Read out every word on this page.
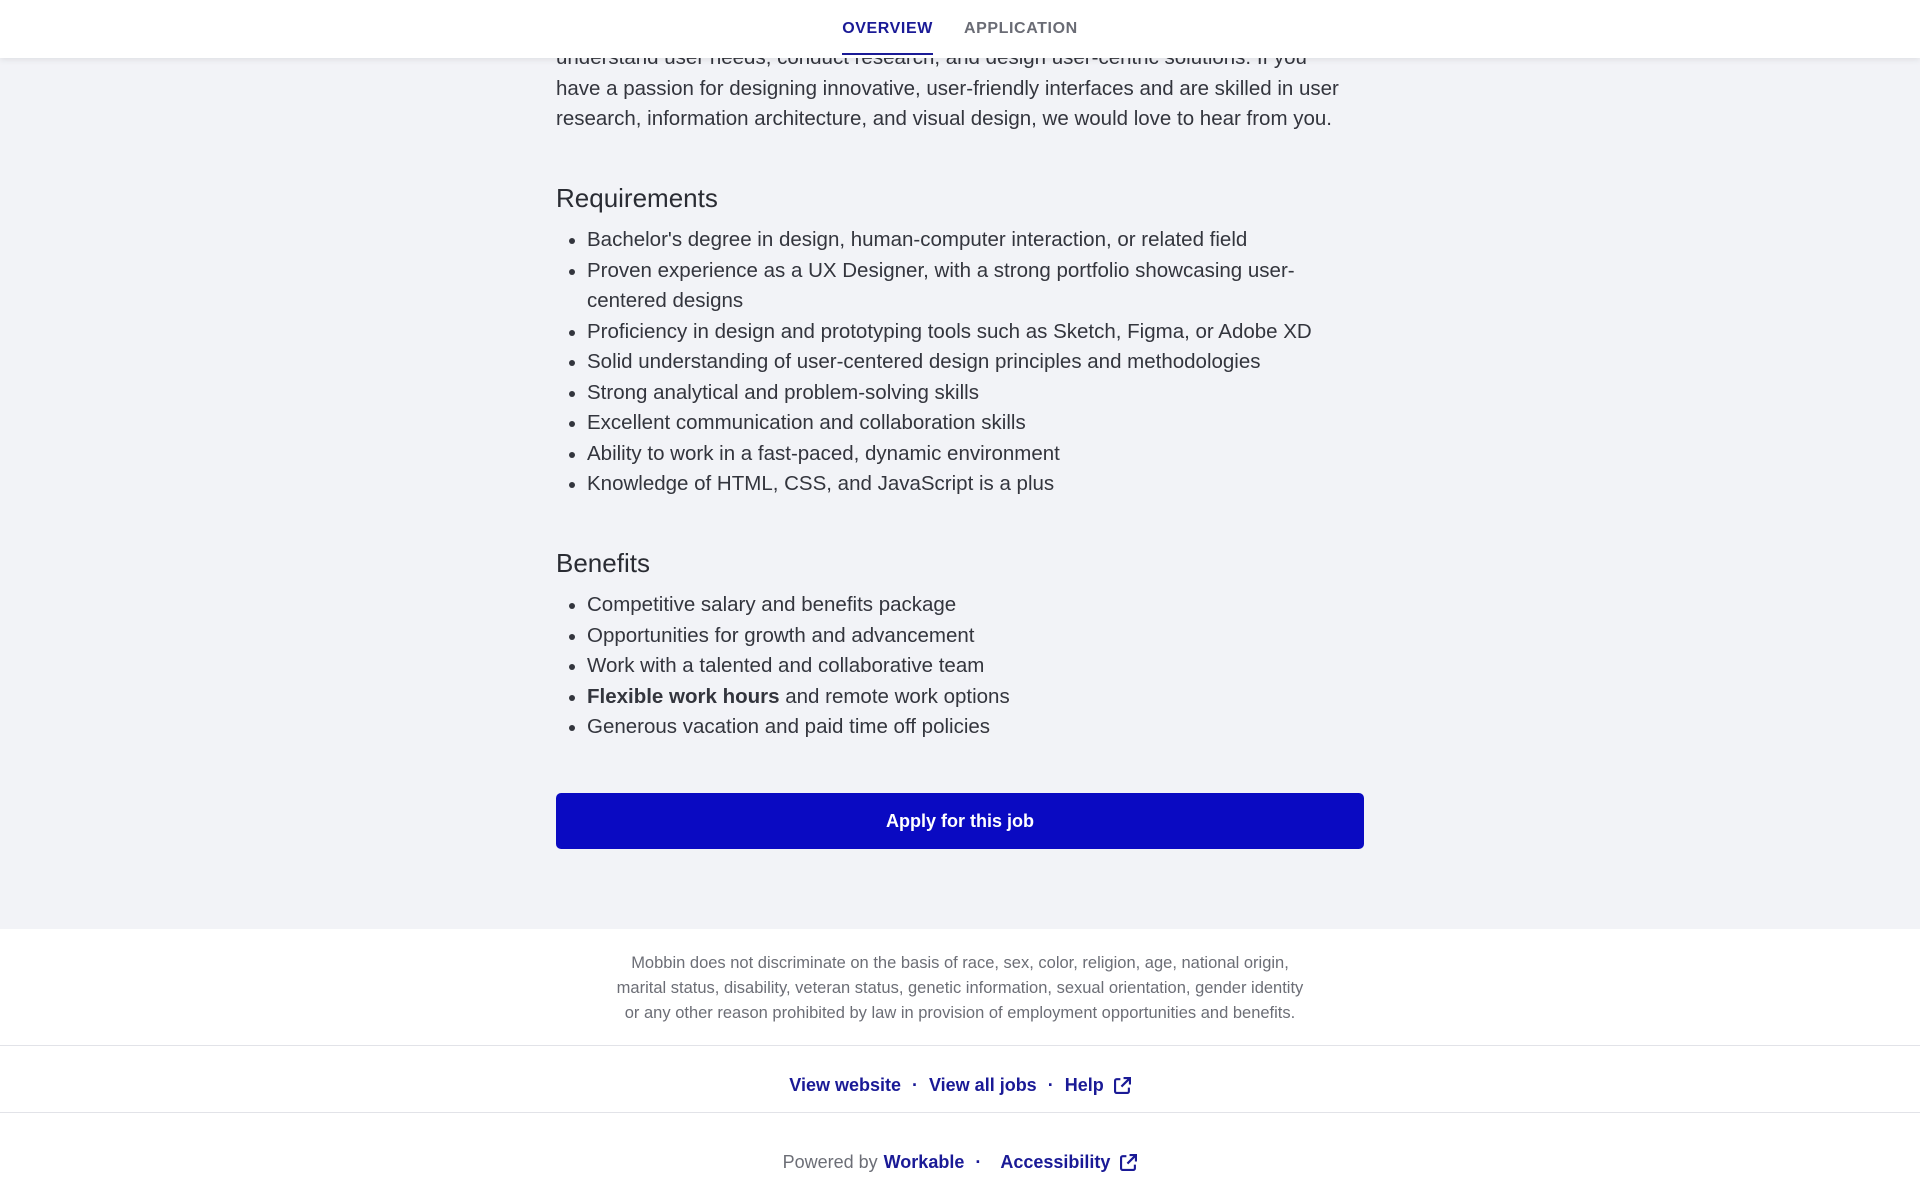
OVERVIEW APPLICATION
have a passion for designing innovative, user-friendly interfaces and are skilled in user
research, information architecture, and visual design, we would love to hear from you.
Requirements
Bachelor's degree in design, human-computer interaction, or related field
Proven experience as a UX Designer, with a strong portfolio showcasing user-centered designs
Proficiency in design and prototyping tools such as Sketch, Figma, or Adobe XD
Solid understanding of user-centered design principles and methodologies
Strong analytical and problem-solving skills
Excellent communication and collaboration skills
Ability to work in a fast-paced, dynamic environment
Knowledge of HTML, CSS, and JavaScript is a plus
Benefits
Competitive salary and benefits package
Opportunities for growth and advancement
Work with a talented and collaborative team
Flexible work hours and remote work options
Generous vacation and paid time off policies
Apply for this job
Mobbin does not discriminate on the basis of race, sex, color, religion, age, national origin,
marital status, disability, veteran status, genetic information, sexual orientation, gender identity
or any other reason prohibited by law in provision of employment opportunities and benefits.
View website · View all jobs · Help
Powered by Workable · Accessibility
